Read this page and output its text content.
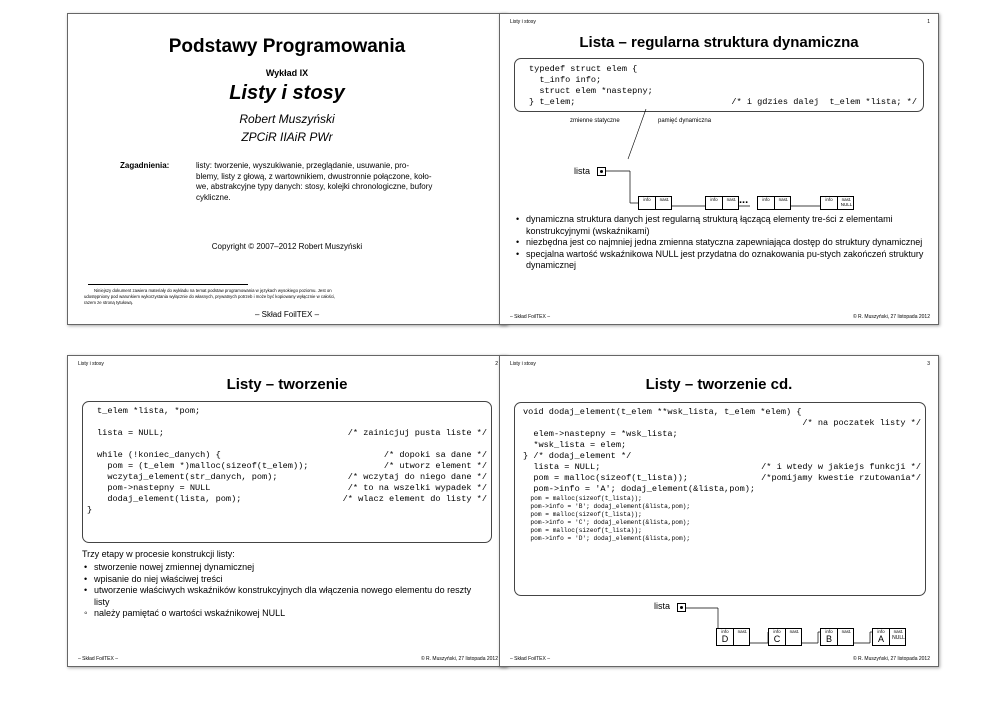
Podstawy Programowania
Wykład IX
Listy i stosy
Robert Muszyński
ZPCiR IIAiR PWr
Zagadnienia:	listy: tworzenie, wyszukiwanie, przeglądanie, usuwanie, pro-
blemy, listy z głową, z wartownikiem, dwustronnie połączone, koło-
we, abstrakcyjne typy danych: stosy, kolejki chronologiczne, bufory
cykliczne.
Copyright © 2007–2012 Robert Muszyński
Niniejszy dokument zawiera materiały do wykładu na temat podstaw programowania w językach wysokiego poziomu. Jest on
udostępniony pod warunkiem wykorzystania wyłącznie do własnych, prywatnych potrzeb i może być kopiowany wyłącznie w całości,
razem ze stroną tytułową.
– Skład FoilTEX –
Listy i stosy	1
Lista – regularna struktura dynamiczna
typedef struct elem {
t_info info;
struct elem *nastepny;
} t_elem;	/* i gdzies dalej  t_elem *lista; */
zmienne statyczne	pamięć dynamiczna
lista
info	nast.	info	nast. ...	info	nast.	info	nast.
NULL
• dynamiczna struktura danych jest regularną strukturą łączącą elementy tre-ści z elementami konstrukcyjnymi (wskaźnikami)
• niezbędna jest co najmniej jedna zmienna statyczna zapewniająca dostęp do struktury dynamicznej
• specjalna wartość wskaźnikowa NULL jest przydatna do oznakowania pu-stych zakończeń struktury dynamicznej
– Skład FoilTEX –	© R. Muszyński, 27 listopada 2012
Listy i stosy	2
Listy – tworzenie
t_elem *lista, *pom;
lista = NULL;	/* zainicjuj pusta liste */
while (!koniec_danych) {	/* dopoki sa dane */
pom = (t_elem *)malloc(sizeof(t_elem));	/* utworz element */
wczytaj_element(str_danych, pom);	/* wczytaj do niego dane */
pom->nastepny = NULL	/* to na wszelki wypadek */
dodaj_element(lista, pom);	/* wlacz element do listy */
}
Trzy etapy w procesie konstrukcji listy:
• stworzenie nowej zmiennej dynamicznej
• wpisanie do niej właściwej treści
• utworzenie właściwych wskaźników konstrukcyjnych dla włączenia nowego elementu do reszty listy
◦ należy pamiętać o wartości wskaźnikowej NULL
– Skład FoilTEX –	© R. Muszyński, 27 listopada 2012
Listy i stosy	3
Listy – tworzenie cd.
void dodaj_element(t_elem **wsk_lista, t_elem *elem) {
/* na poczatek listy */
elem->nastepny = *wsk_lista;
*wsk_lista = elem;
} /* dodaj_element */
lista = NULL;	/* i wtedy w jakiejs funkcji */
pom = malloc(sizeof(t_lista));	/*pomijamy kwestie rzutowania*/
pom->info = 'A'; dodaj_element(&lista,pom);
pom = malloc(sizeof(t_lista));
pom->info = 'B'; dodaj_element(&lista,pom);
pom = malloc(sizeof(t_lista));
pom->info = 'C'; dodaj_element(&lista,pom);
pom = malloc(sizeof(t_lista));
pom->info = 'D'; dodaj_element(&lista,pom);
lista
info
D
nast.	info
C
nast.	info
B
nast.	info
A
nast.
NULL
– Skład FoilTEX –	© R. Muszyński, 27 listopada 2012
